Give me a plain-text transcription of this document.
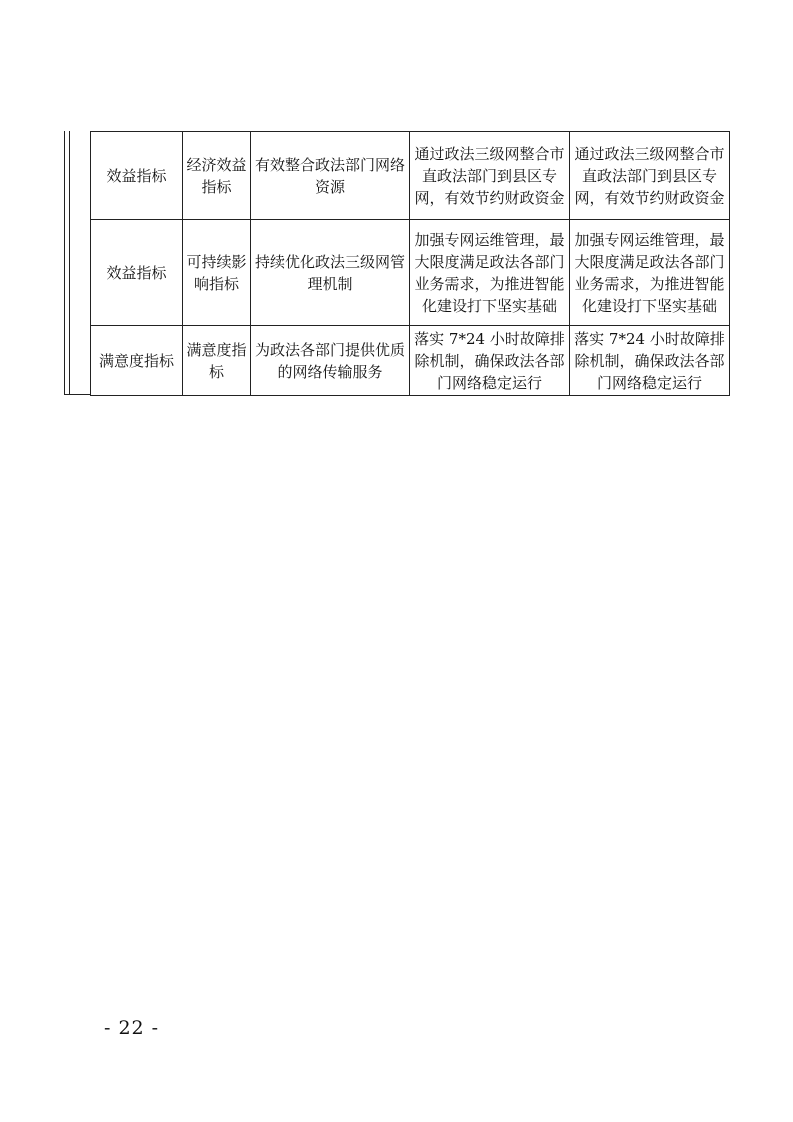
效益指标	经济效益指标	有效整合政法部门网络资源	通过政法三级网整合市直政法部门到县区专网，有效节约财政资金	通过政法三级网整合市直政法部门到县区专网，有效节约财政资金
效益指标	可持续影响指标	持续优化政法三级网管理机制	加强专网运维管理，最大限度满足政法各部门业务需求，为推进智能化建设打下坚实基础	加强专网运维管理，最大限度满足政法各部门业务需求，为推进智能化建设打下坚实基础
满意度指标	满意度指标	为政法各部门提供优质的网络传输服务	落实 7*24 小时故障排除机制，确保政法各部门网络稳定运行	落实 7*24 小时故障排除机制，确保政法各部门网络稳定运行
- 22 -
